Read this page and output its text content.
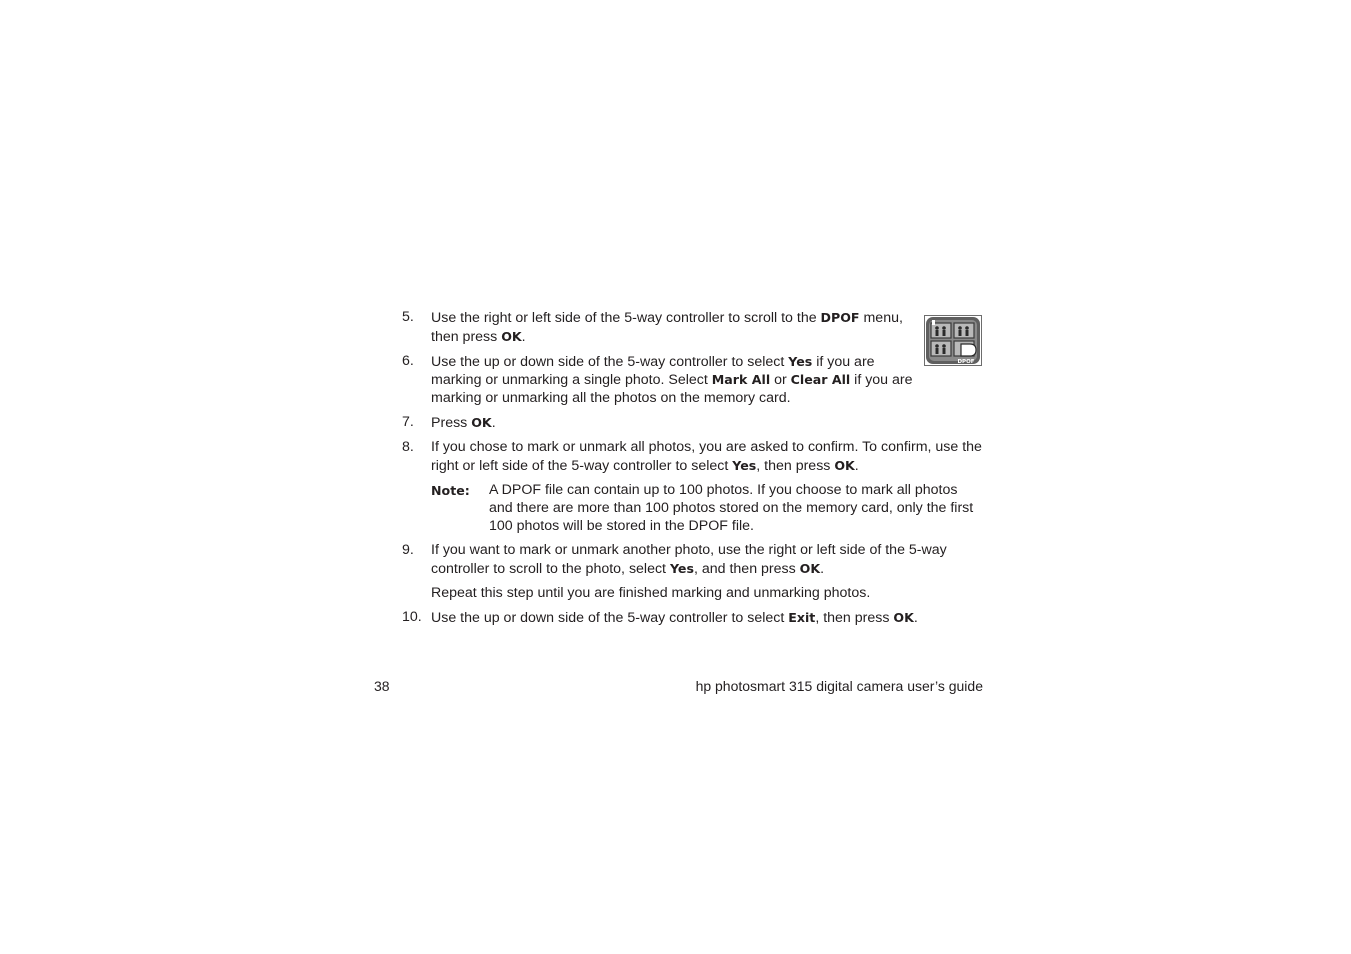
5. Use the right or left side of the 5-way controller to scroll to the DPOF menu, then press OK.
6. Use the up or down side of the 5-way controller to select Yes if you are marking or unmarking a single photo. Select Mark All or Clear All if you are marking or unmarking all the photos on the memory card.
7. Press OK.
8. If you chose to mark or unmark all photos, you are asked to confirm. To confirm, use the right or left side of the 5-way controller to select Yes, then press OK.
Note: A DPOF file can contain up to 100 photos. If you choose to mark all photos and there are more than 100 photos stored on the memory card, only the first 100 photos will be stored in the DPOF file.
9. If you want to mark or unmark another photo, use the right or left side of the 5-way controller to scroll to the photo, select Yes, and then press OK.
Repeat this step until you are finished marking and unmarking photos.
10. Use the up or down side of the 5-way controller to select Exit, then press OK.
DPOF
38	hp photosmart 315 digital camera user’s guide
